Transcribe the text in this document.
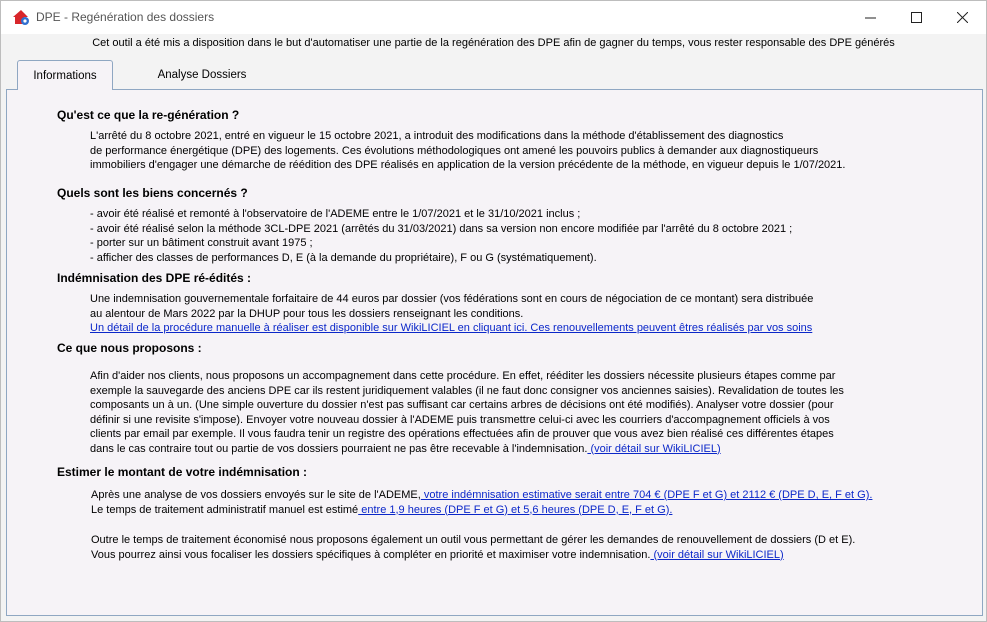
DPE - Regénération des dossiers
Cet outil a été mis a disposition dans le but d'automatiser une partie de la regénération des DPE afin de gagner du temps, vous rester responsable des DPE générés
Informations	Analyse Dossiers
Qu'est ce que la re-génération ?
L'arrêté du 8 octobre 2021, entré en vigueur le 15 octobre 2021, a introduit des modifications dans la méthode d'établissement des diagnostics
de performance énergétique (DPE) des logements. Ces évolutions méthodologiques ont amené les pouvoirs publics à demander aux diagnostiqueurs
immobiliers d'engager une démarche de réédition des DPE réalisés en application de la version précédente de la méthode, en vigueur depuis le 1/07/2021.
Quels sont les biens concernés ?
- avoir été réalisé et remonté à l'observatoire de l'ADEME entre le 1/07/2021 et le 31/10/2021 inclus ;
- avoir été réalisé selon la méthode 3CL-DPE 2021 (arrêtés du 31/03/2021) dans sa version non encore modifiée par l'arrêté du 8 octobre 2021 ;
- porter sur un bâtiment construit avant 1975 ;
- afficher des classes de performances D, E (à la demande du propriétaire), F ou G (systématiquement).
Indémnisation des DPE ré-édités :
Une indemnisation gouvernementale forfaitaire de 44 euros par dossier (vos fédérations sont en cours de négociation de ce montant) sera distribuée
au alentour de Mars 2022 par la DHUP pour tous les dossiers renseignant les conditions.
Un détail de la procédure manuelle à réaliser est disponible sur WikiLICIEL en cliquant ici. Ces renouvellements peuvent êtres réalisés par vos soins
Ce que nous proposons :
Afin d'aider nos clients, nous proposons un accompagnement dans cette procédure. En effet, rééditer les dossiers nécessite plusieurs étapes comme par
exemple la sauvegarde des anciens DPE car ils restent juridiquement valables (il ne faut donc consigner vos anciennes saisies). Revalidation de toutes les
composants un à un. (Une simple ouverture du dossier n'est pas suffisant car certains arbres de décisions ont été modifiés). Analyser votre dossier (pour
définir si une revisite s'impose). Envoyer votre nouveau dossier à l'ADEME puis transmettre celui-ci avec les courriers d'accompagnement officiels à vos
clients par email par exemple. Il vous faudra tenir un registre des opérations effectuées afin de prouver que vous avez bien réalisé ces différentes étapes
dans le cas contraire tout ou partie de vos dossiers pourraient ne pas être recevable à l'indemnisation. (voir détail sur WikiLICIEL)
Estimer le montant de votre indémnisation :
Après une analyse de vos dossiers envoyés sur le site de l'ADEME, votre indémnisation estimative serait entre 704 € (DPE F et G) et 2112 € (DPE D, E, F et G).
Le temps de traitement administratif manuel est estimé entre 1,9 heures (DPE F et G) et 5,6 heures (DPE D, E, F et G).
Outre le temps de traitement économisé nous proposons également un outil vous permettant de gérer les demandes de renouvellement de dossiers (D et E).
Vous pourrez ainsi vous focaliser les dossiers spécifiques à compléter en priorité et maximiser votre indemnisation. (voir détail sur WikiLICIEL)
